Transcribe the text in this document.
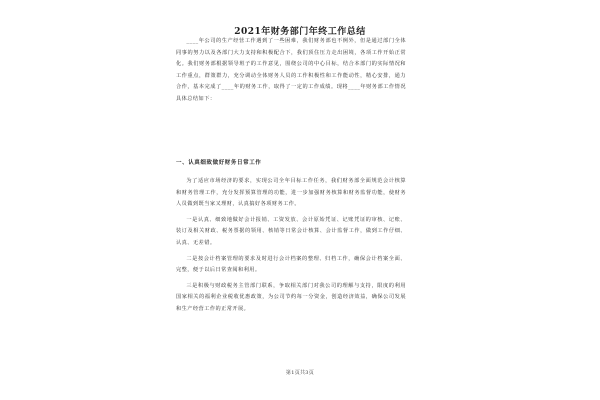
2021年财务部门年终工作总结

____年公司的生产经营工作遇到了一些困难，我们财务部也不例外，但是通过部门全体同事的努力以及各部门大力支持和积极配合下，我们顶住压力走出困境，各项工作开始正常化。我们财务部根据领导班子的工作意见，围绕公司的中心目标，结合本部门的实际情况和工作重点，群策群力，充分调动全体财务人员的工作积极性和工作能动性，精心安排，通力合作，基本完成了____年的财务工作，取得了一定的工作成绩。现将____年财务部工作情况具体总结如下：

一、认真细致做好财务日常工作

为了适应市场经济的要求，实现公司全年目标工作任务，我们财务部全面规范会计核算和财务管理工作，充分发挥预算管理的功能，进一步加强财务核算和财务监督功能，使财务人员做到既当家又理财，认真搞好各项财务工作。

一是认真、细致地做好会计报销、工资发放、会计原始凭证、记账凭证的审核、记账、装订及相关财政、税务票据的领用、核销等日常会计核算、会计监督工作，做到工作仔细、认真、无差错。

二是按会计档案管理的要求及时进行会计档案的整理、归档工作，确保会计档案全面、完整，便于以后日常查阅和利用。

三是积极与财政税务主管部门联系，争取相关部门对我公司的理解与支持，限度的利用国家相关的福利企业税收优惠政策，为公司节约每一分资金，创造经济效益，确保公司发展和生产经营工作的正常开展。

第1页共3页
